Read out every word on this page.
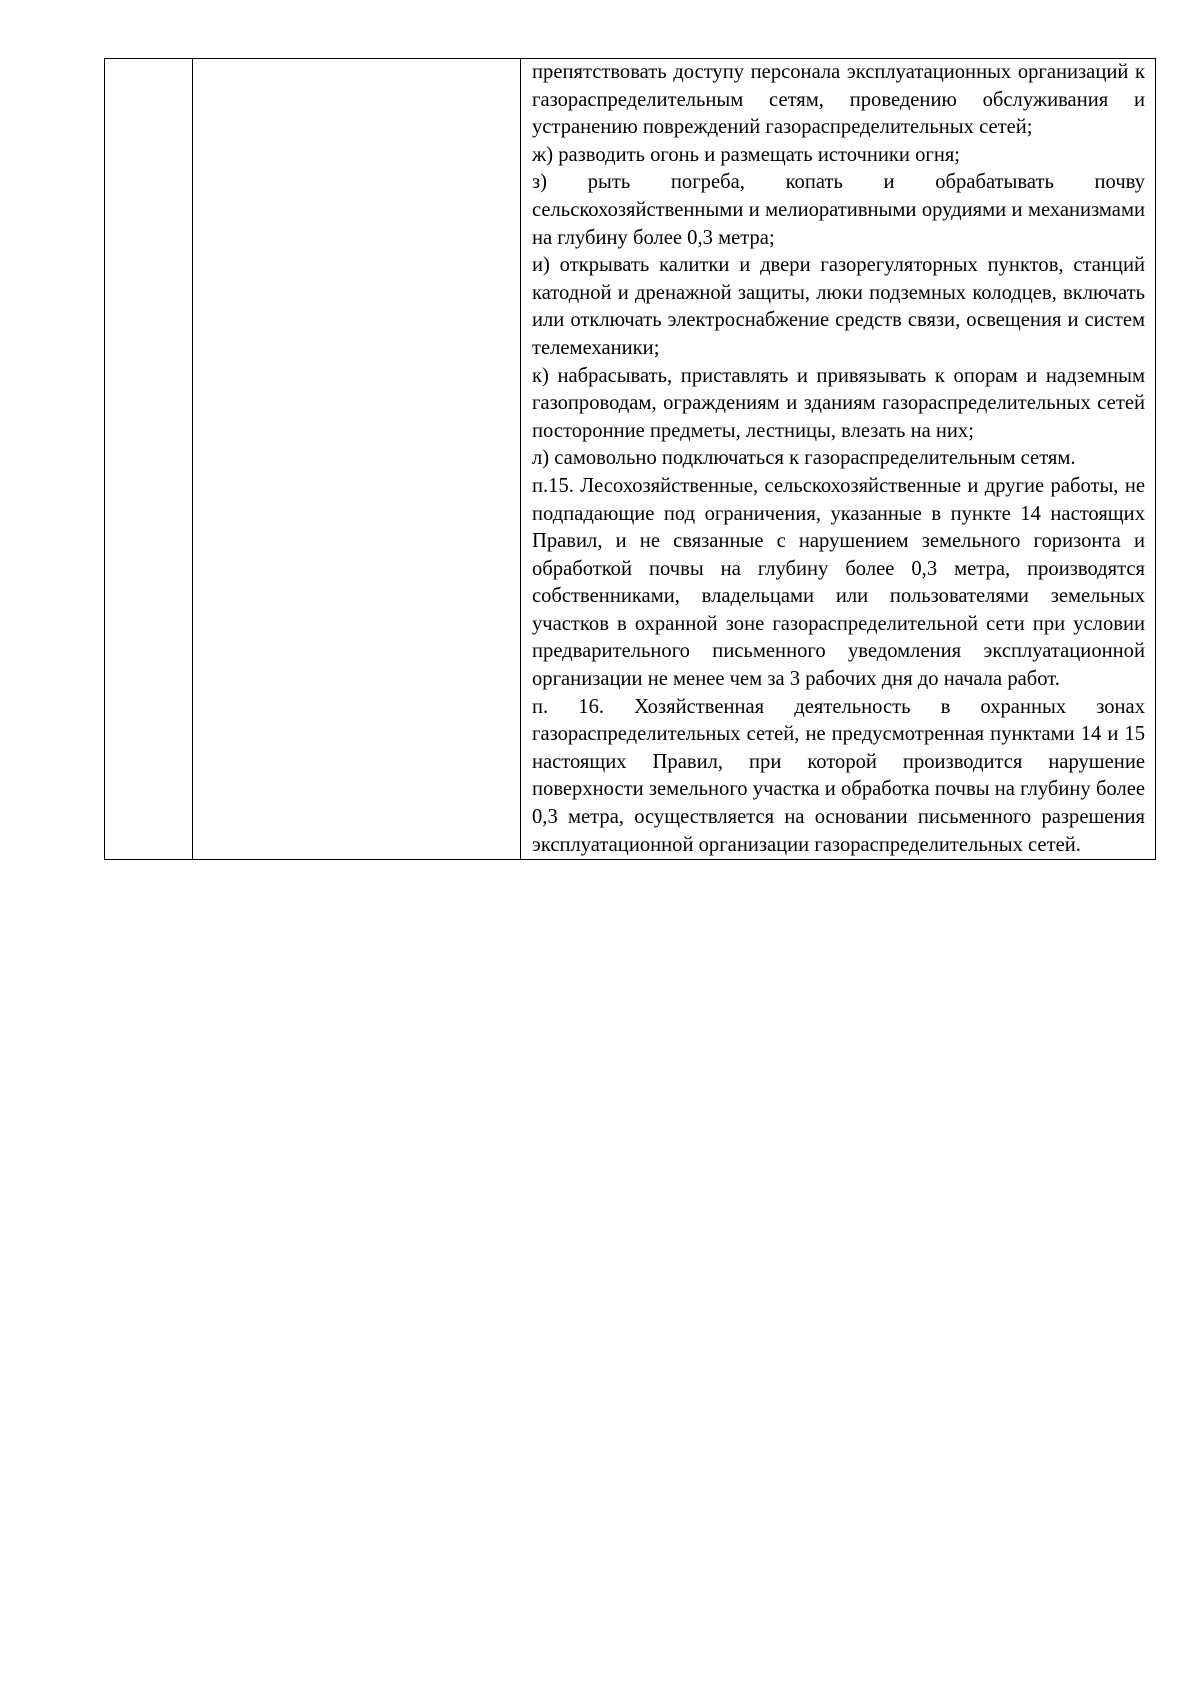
препятствовать доступу персонала эксплуатационных организаций к газораспределительным сетям, проведению обслуживания и устранению повреждений газораспределительных сетей;

ж) разводить огонь и размещать источники огня;

з) рыть погреба, копать и обрабатывать почву сельскохозяйственными и мелиоративными орудиями и механизмами на глубину более 0,3 метра;

и) открывать калитки и двери газорегуляторных пунктов, станций катодной и дренажной защиты, люки подземных колодцев, включать или отключать электроснабжение средств связи, освещения и систем телемеханики;

к) набрасывать, приставлять и привязывать к опорам и надземным газопроводам, ограждениям и зданиям газораспределительных сетей посторонние предметы, лестницы, влезать на них;

л) самовольно подключаться к газораспределительным сетям.

п.15. Лесохозяйственные, сельскохозяйственные и другие работы, не подпадающие под ограничения, указанные в пункте 14 настоящих Правил, и не связанные с нарушением земельного горизонта и обработкой почвы на глубину более 0,3 метра, производятся собственниками, владельцами или пользователями земельных участков в охранной зоне газораспределительной сети при условии предварительного письменного уведомления эксплуатационной организации не менее чем за 3 рабочих дня до начала работ.

п. 16. Хозяйственная деятельность в охранных зонах газораспределительных сетей, не предусмотренная пунктами 14 и 15 настоящих Правил, при которой производится нарушение поверхности земельного участка и обработка почвы на глубину более 0,3 метра, осуществляется на основании письменного разрешения эксплуатационной организации газораспределительных сетей.
